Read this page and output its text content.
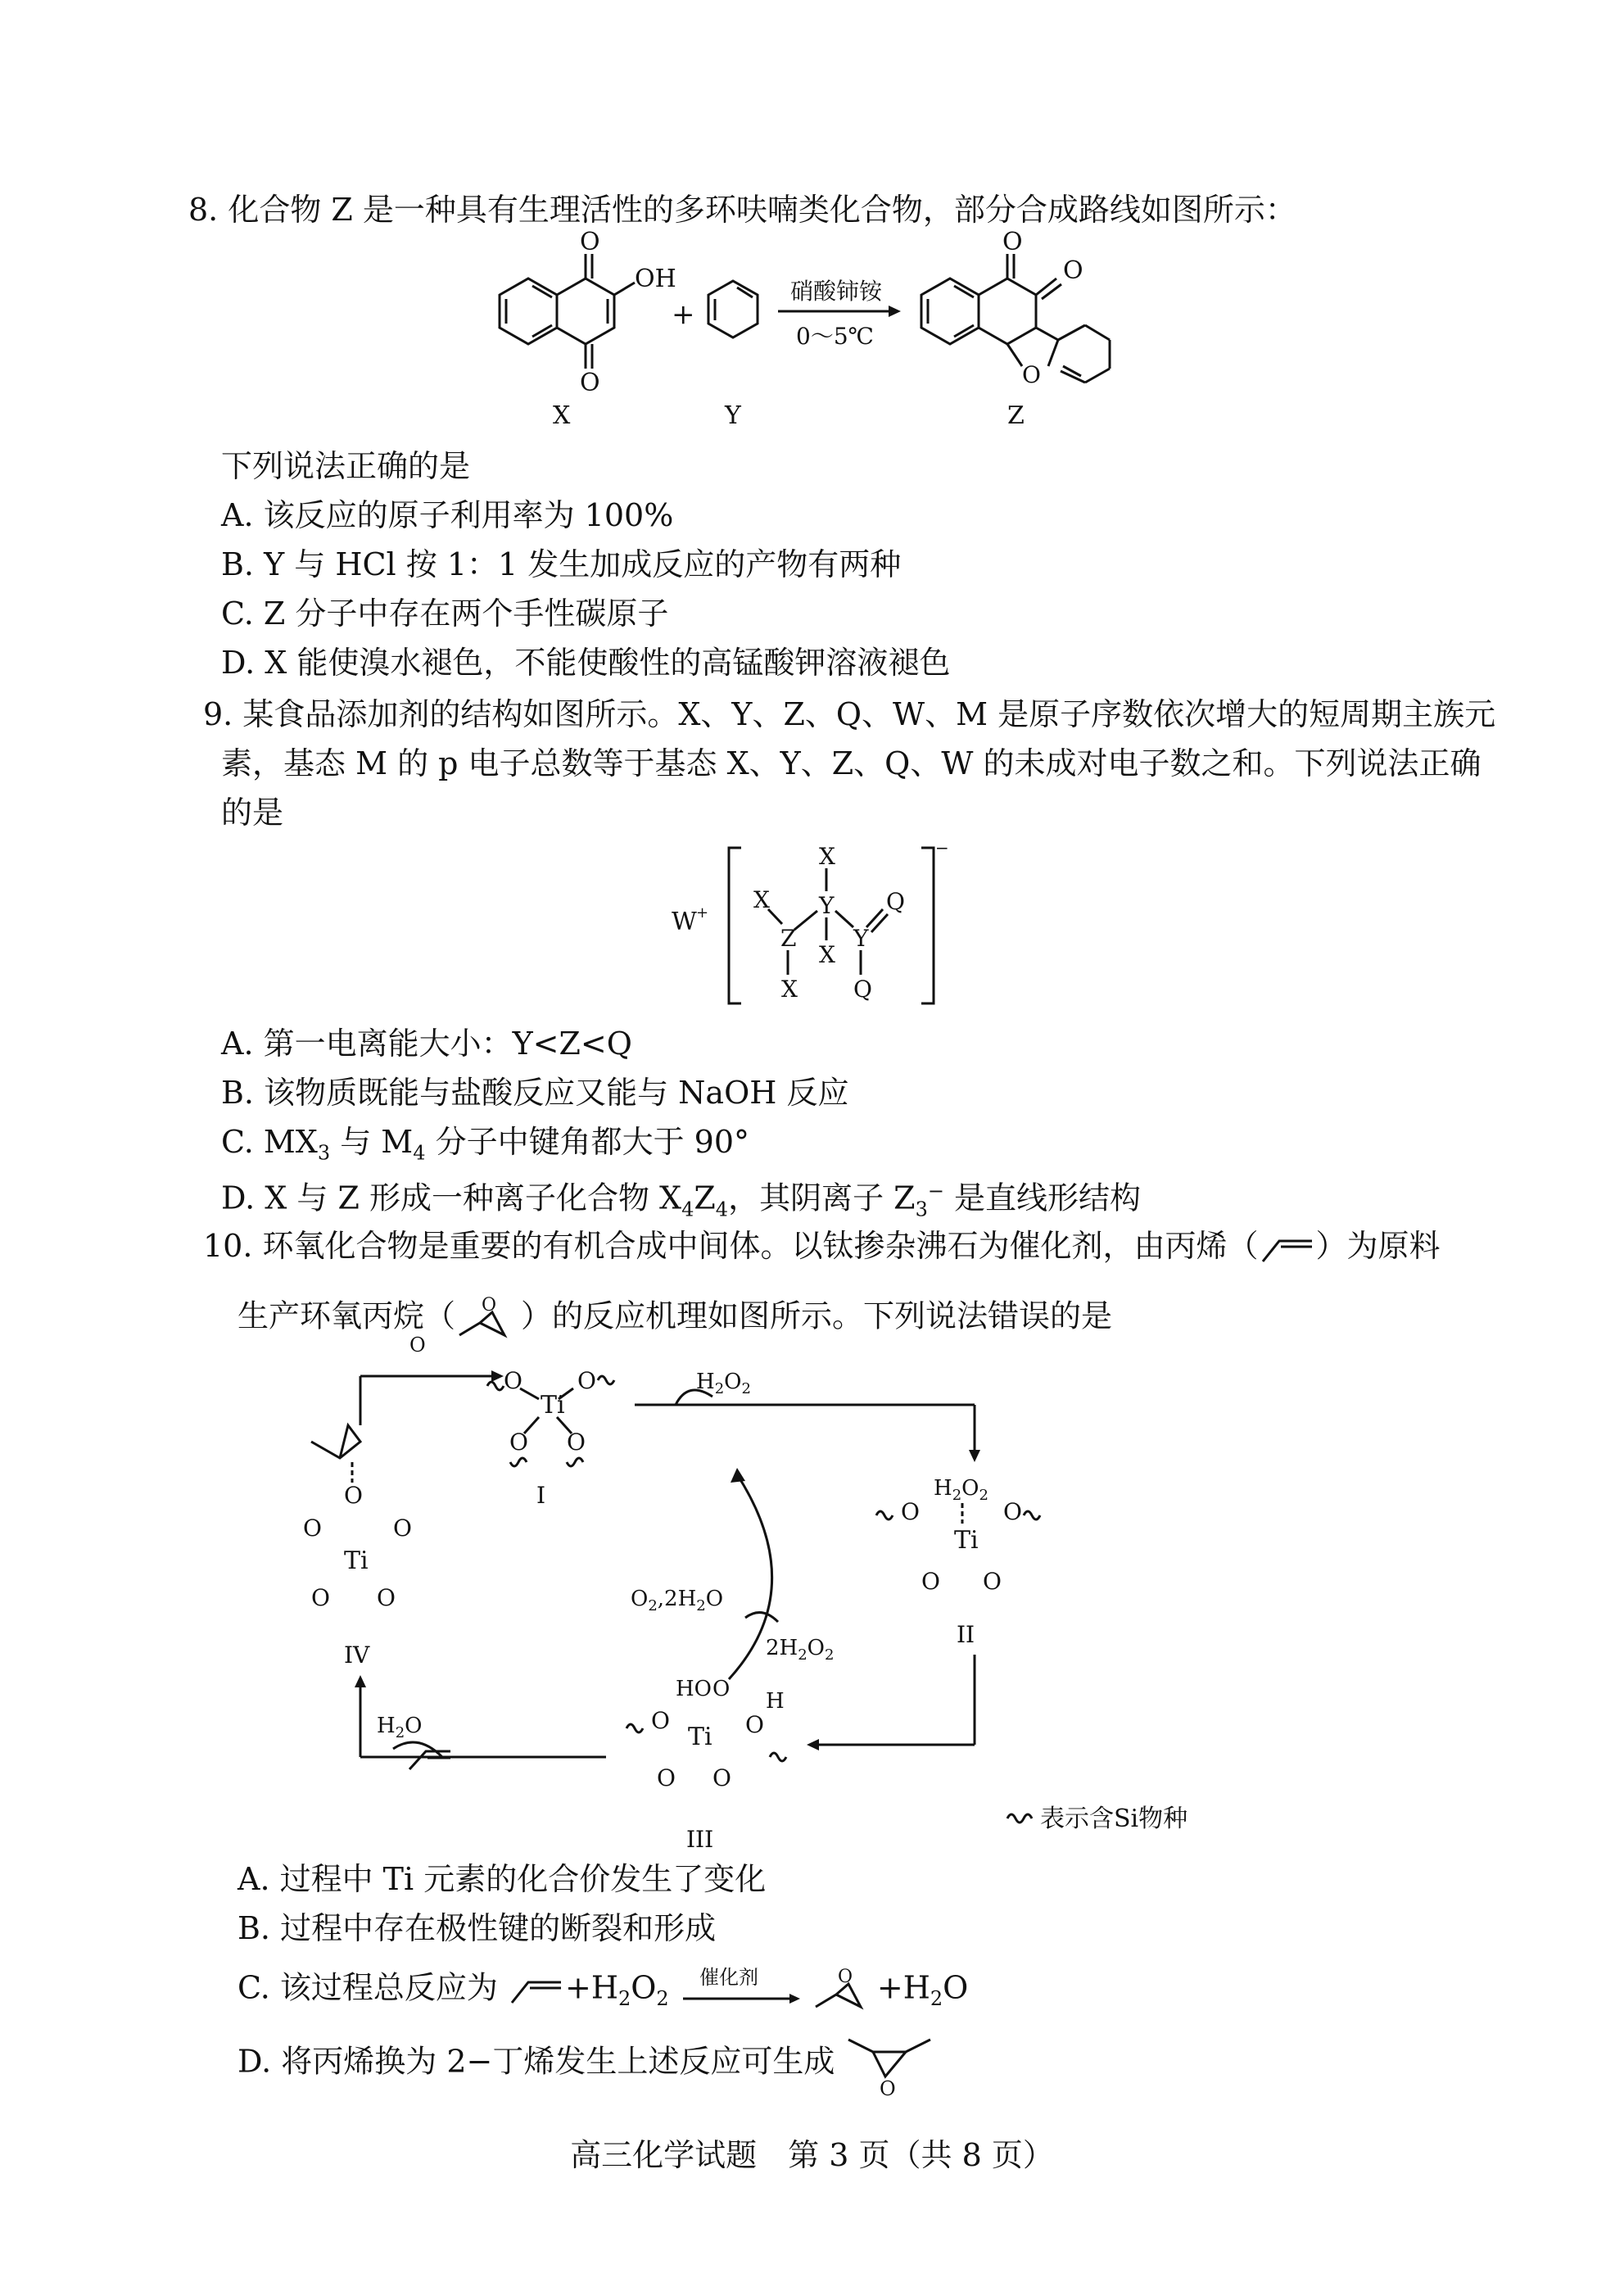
8. 化合物 Z 是一种具有生理活性的多环呋喃类化合物，部分合成路线如图所示：
O
O
OH
X
+
Y
硝酸铈铵
0～5℃
O
O
O
Z
下列说法正确的是
A. 该反应的原子利用率为 100%
B. Y 与 HCl 按 1：1 发生加成反应的产物有两种
C. Z 分子中存在两个手性碳原子
D. X 能使溴水褪色，不能使酸性的高锰酸钾溶液褪色
9. 某食品添加剂的结构如图所示。X、Y、Z、Q、W、M 是原子序数依次增大的短周期主族元
素，基态 M 的 p 电子总数等于基态 X、Y、Z、Q、W 的未成对电子数之和。下列说法正确
的是
W +
−
X
Y
X
Z
X
Y
Q
X Q
A. 第一电离能大小：Y<Z<Q
B. 该物质既能与盐酸反应又能与 NaOH 反应
C. $MX_3$ 与 $M_4$ 分子中键角都大于 90°
D. X 与 Z 形成一种离子化合物 $X_4Z_4$，其阴离子 $Z_3^-$ 是直线形结构
10. 环氧化合物是重要的有机合成中间体。以钛掺杂沸石为催化剂，由丙烯（ ）为原料
生产环氧丙烷（ O ）的反应机理如图所示。下列说法错误的是
Ti
O O
O O
I
$H_2O_2$
$H_2O_2$
Ti
O	O
O O
II
HO O
Ti
O	O
H
O O
III
$2H_2O_2$
$O_2,2H_2O$
$H_2O$
O
Ti
O	O
O O
IV
O
表示含Si物种
A. 过程中 Ti 元素的化合价发生了变化
B. 过程中存在极性键的断裂和形成
C. 该过程总反应为 $+H_2O_2$
催化剂
	$O +H_2O$
D. 将丙烯换为 2−丁烯发生上述反应可生成
O
高三化学试题　第 3 页（共 8 页）
